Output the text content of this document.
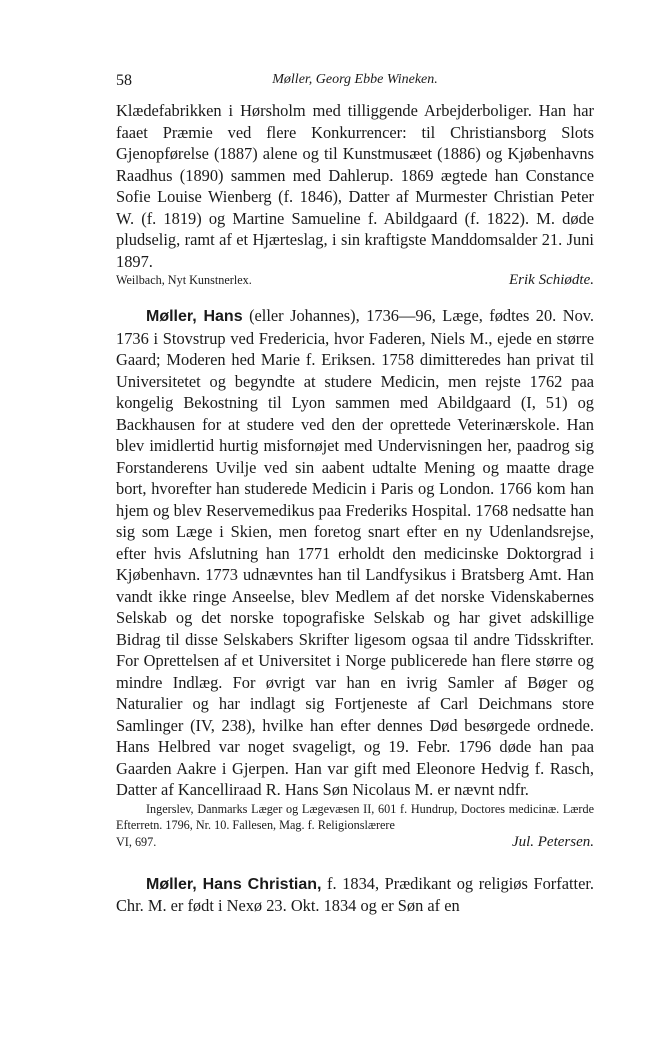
58	Møller, Georg Ebbe Wineken.

Klædefabrikken i Hørsholm med tilliggende Arbejderboliger. Han har faaet Præmie ved flere Konkurrencer: til Christiansborg Slots Gjenopførelse (1887) alene og til Kunstmusæet (1886) og Kjøbenhavns Raadhus (1890) sammen med Dahlerup. 1869 ægtede han Constance Sofie Louise Wienberg (f. 1846), Datter af Murmester Christian Peter W. (f. 1819) og Martine Samueline f. Abildgaard (f. 1822). M. døde pludselig, ramt af et Hjærteslag, i sin kraftigste Manddomsalder 21. Juni 1897.

Weilbach, Nyt Kunstnerlex.	Erik Schiødte.

Møller, Hans (eller Johannes), 1736—96, Læge, fødtes 20. Nov. 1736 i Stovstrup ved Fredericia, hvor Faderen, Niels M., ejede en større Gaard; Moderen hed Marie f. Eriksen. 1758 dimitteredes han privat til Universitetet og begyndte at studere Medicin, men rejste 1762 paa kongelig Bekostning til Lyon sammen med Abildgaard (I, 51) og Backhausen for at studere ved den der oprettede Veterinærskole. Han blev imidlertid hurtig misfornøjet med Undervisningen her, paadrog sig Forstanderens Uvilje ved sin aabent udtalte Mening og maatte drage bort, hvorefter han studerede Medicin i Paris og London. 1766 kom han hjem og blev Reservemedikus paa Frederiks Hospital. 1768 nedsatte han sig som Læge i Skien, men foretog snart efter en ny Udenlandsrejse, efter hvis Afslutning han 1771 erholdt den medicinske Doktorgrad i Kjøbenhavn. 1773 udnævntes han til Landfysikus i Bratsberg Amt. Han vandt ikke ringe Anseelse, blev Medlem af det norske Videnskabernes Selskab og det norske topografiske Selskab og har givet adskillige Bidrag til disse Selskabers Skrifter ligesom ogsaa til andre Tidsskrifter. For Oprettelsen af et Universitet i Norge publicerede han flere større og mindre Indlæg. For øvrigt var han en ivrig Samler af Bøger og Naturalier og har indlagt sig Fortjeneste af Carl Deichmans store Samlinger (IV, 238), hvilke han efter dennes Død besørgede ordnede. Hans Helbred var noget svageligt, og 19. Febr. 1796 døde han paa Gaarden Aakre i Gjerpen. Han var gift med Eleonore Hedvig f. Rasch, Datter af Kancelliraad R. Hans Søn Nicolaus M. er nævnt ndfr.

Ingerslev, Danmarks Læger og Lægevæsen II, 601 f. Hundrup, Doctores medicinæ. Lærde Efterretn. 1796, Nr. 10. Fallesen, Mag. f. Religionslærere

VI, 697.	Jul. Petersen.

Møller, Hans Christian, f. 1834, Prædikant og religiøs Forfatter. Chr. M. er født i Nexø 23. Okt. 1834 og er Søn af en
